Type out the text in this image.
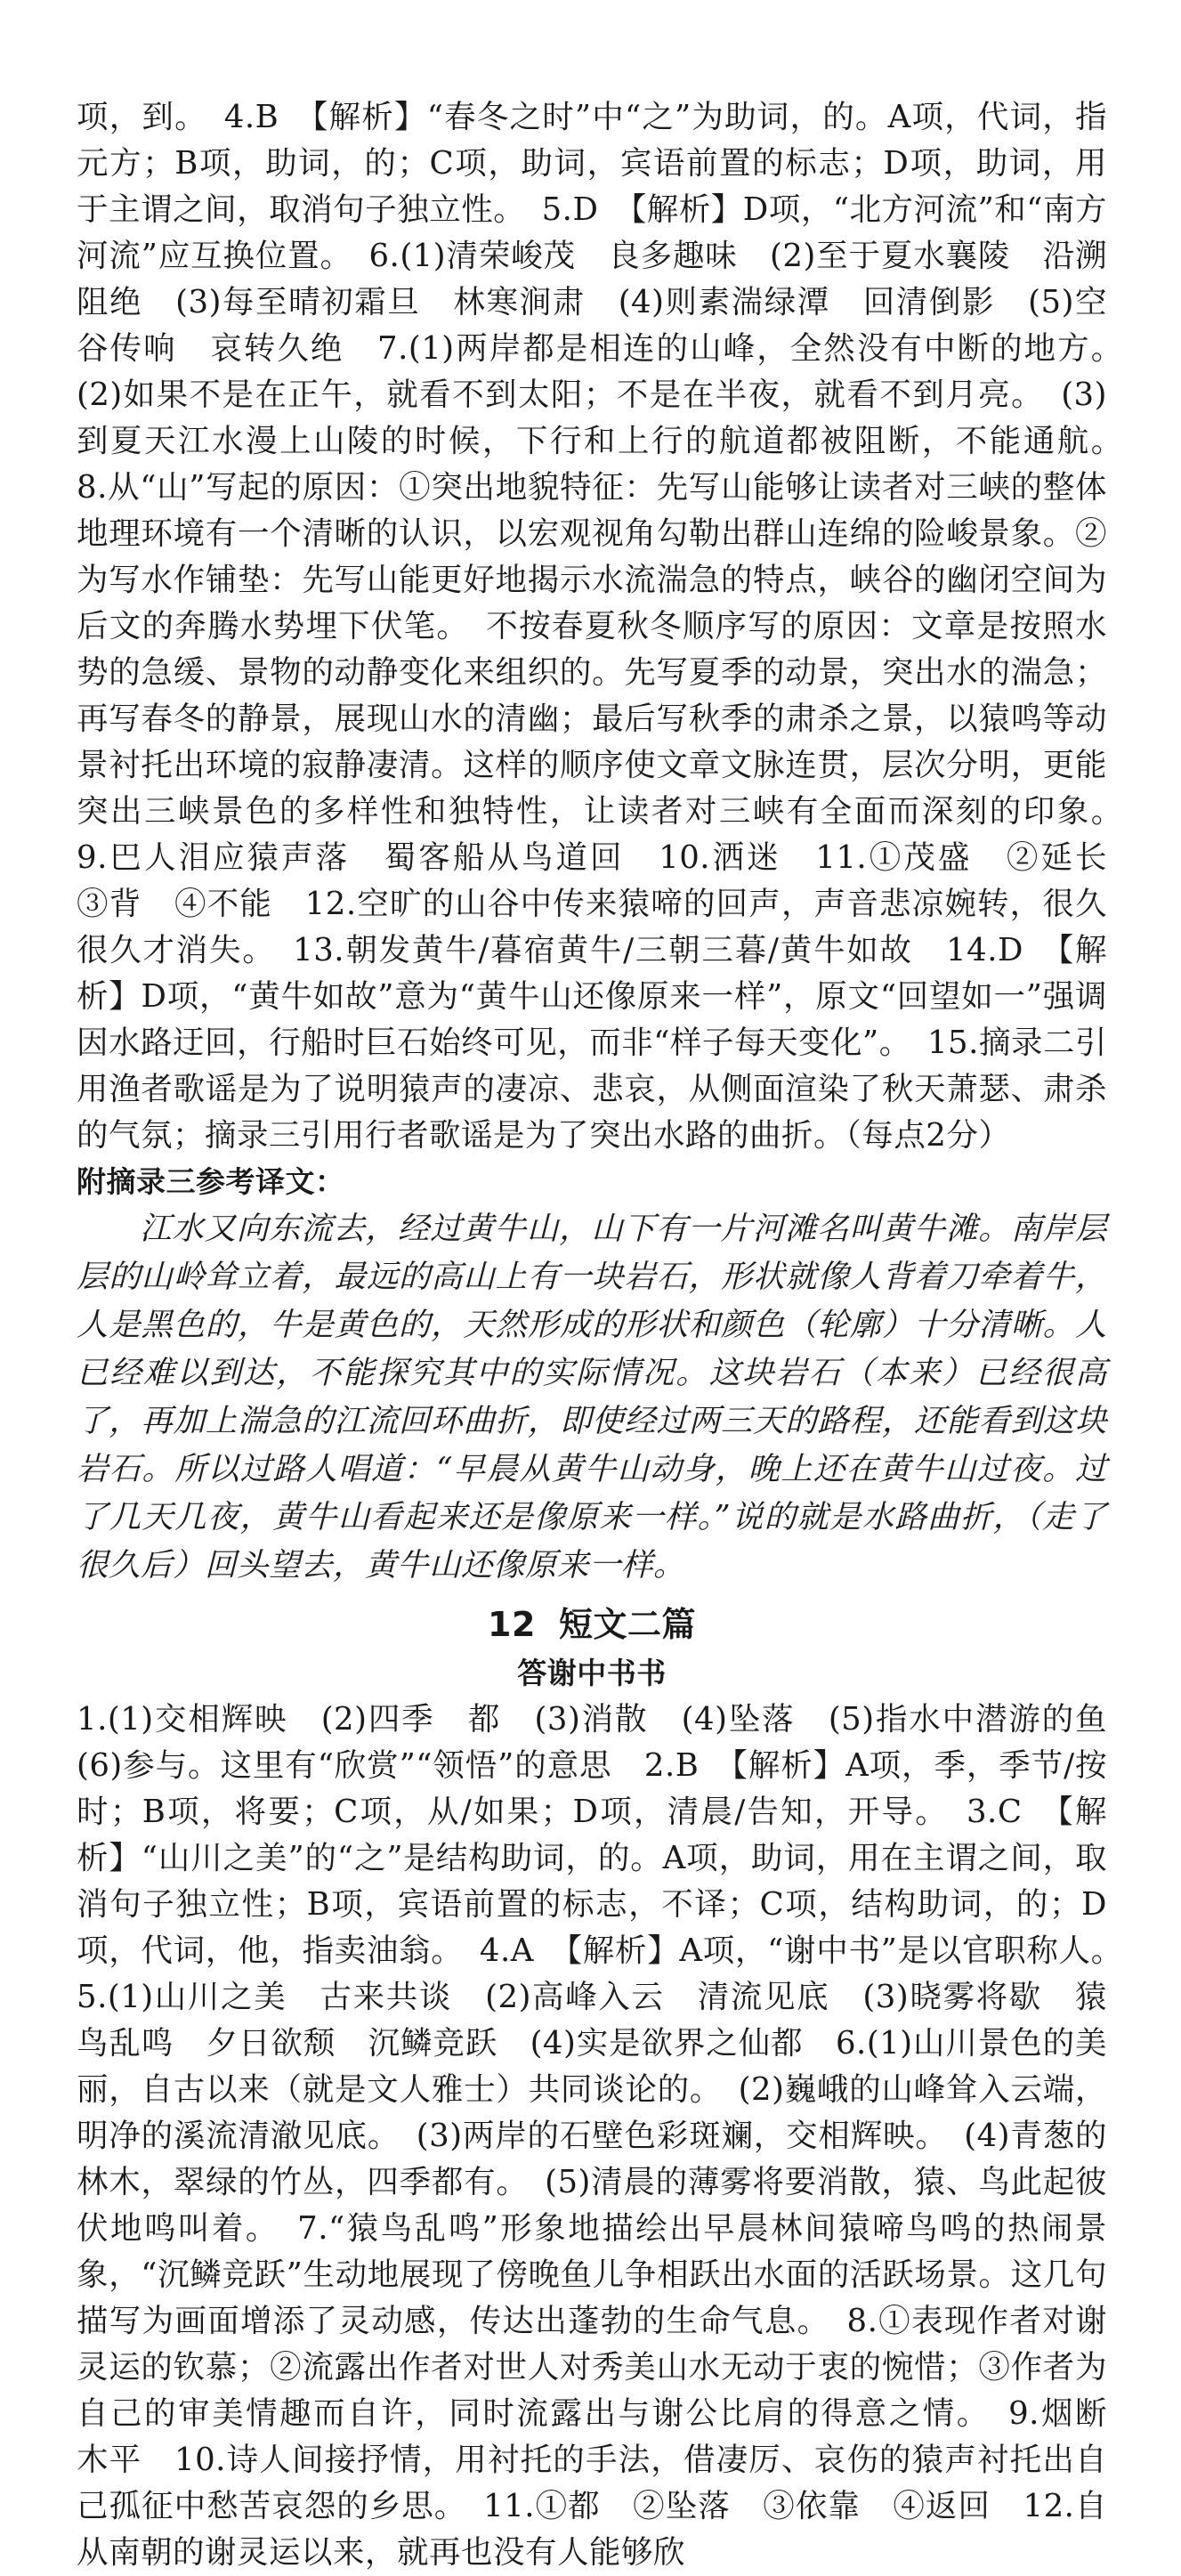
项，到。　4.B　【解析】“春冬之时”中“之”为助词，的。A项，代词，指元方；B项，助词，的；C项，助词，宾语前置的标志；D项，助词，用于主谓之间，取消句子独立性。　5.D　【解析】D项，“北方河流”和“南方河流”应互换位置。　6.(1)清荣峻茂　良多趣味　(2)至于夏水襄陵　沿溯阻绝　(3)每至晴初霜旦　林寒涧肃　(4)则素湍绿潭　回清倒影　(5)空谷传响　哀转久绝　7.(1)两岸都是相连的山峰，全然没有中断的地方。　(2)如果不是在正午，就看不到太阳；不是在半夜，就看不到月亮。　(3)到夏天江水漫上山陵的时候，下行和上行的航道都被阻断，不能通航。　8.从“山”写起的原因：①突出地貌特征：先写山能够让读者对三峡的整体地理环境有一个清晰的认识，以宏观视角勾勒出群山连绵的险峻景象。②为写水作铺垫：先写山能更好地揭示水流湍急的特点，峡谷的幽闭空间为后文的奔腾水势埋下伏笔。　不按春夏秋冬顺序写的原因：文章是按照水势的急缓、景物的动静变化来组织的。先写夏季的动景，突出水的湍急；再写春冬的静景，展现山水的清幽；最后写秋季的肃杀之景，以猿鸣等动景衬托出环境的寂静凄清。这样的顺序使文章文脉连贯，层次分明，更能突出三峡景色的多样性和独特性，让读者对三峡有全面而深刻的印象。　9.巴人泪应猿声落　蜀客船从鸟道回　10.洒迷　11.①茂盛　②延长　③背　④不能　12.空旷的山谷中传来猿啼的回声，声音悲凉婉转，很久很久才消失。　13.朝发黄牛/暮宿黄牛/三朝三暮/黄牛如故　14.D　【解析】D项，“黄牛如故”意为“黄牛山还像原来一样”，原文“回望如一”强调因水路迂回，行船时巨石始终可见，而非“样子每天变化”。　15.摘录二引用渔者歌谣是为了说明猿声的凄凉、悲哀，从侧面渲染了秋天萧瑟、肃杀的气氛；摘录三引用行者歌谣是为了突出水路的曲折。（每点2分）

附摘录三参考译文：

江水又向东流去，经过黄牛山，山下有一片河滩名叫黄牛滩。南岸层层的山岭耸立着，最远的高山上有一块岩石，形状就像人背着刀牵着牛，人是黑色的，牛是黄色的，天然形成的形状和颜色（轮廓）十分清晰。人已经难以到达，不能探究其中的实际情况。这块岩石（本来）已经很高了，再加上湍急的江流回环曲折，即使经过两三天的路程，还能看到这块岩石。所以过路人唱道：“早晨从黄牛山动身，晚上还在黄牛山过夜。过了几天几夜，黄牛山看起来还是像原来一样。”说的就是水路曲折，（走了很久后）回头望去，黄牛山还像原来一样。

12 短文二篇
答谢中书书

1.(1)交相辉映　(2)四季　都　(3)消散　(4)坠落　(5)指水中潜游的鱼　(6)参与。这里有“欣赏”“领悟”的意思　2.B　【解析】A项，季，季节/按时；B项，将要；C项，从/如果；D项，清晨/告知，开导。　3.C　【解析】“山川之美”的“之”是结构助词，的。A项，助词，用在主谓之间，取消句子独立性；B项，宾语前置的标志，不译；C项，结构助词，的；D项，代词，他，指卖油翁。　4.A　【解析】A项，“谢中书”是以官职称人。　5.(1)山川之美　古来共谈　(2)高峰入云　清流见底　(3)晓雾将歇　猿鸟乱鸣　夕日欲颓　沉鳞竞跃　(4)实是欲界之仙都　6.(1)山川景色的美丽，自古以来（就是文人雅士）共同谈论的。　(2)巍峨的山峰耸入云端，明净的溪流清澈见底。　(3)两岸的石壁色彩斑斓，交相辉映。　(4)青葱的林木，翠绿的竹丛，四季都有。　(5)清晨的薄雾将要消散，猿、鸟此起彼伏地鸣叫着。　7.“猿鸟乱鸣”形象地描绘出早晨林间猿啼鸟鸣的热闹景象，“沉鳞竞跃”生动地展现了傍晚鱼儿争相跃出水面的活跃场景。这几句描写为画面增添了灵动感，传达出蓬勃的生命气息。　8.①表现作者对谢灵运的钦慕；②流露出作者对世人对秀美山水无动于衷的惋惜；③作者为自己的审美情趣而自许，同时流露出与谢公比肩的得意之情。　9.烟断　木平　10.诗人间接抒情，用衬托的手法，借凄厉、哀伤的猿声衬托出自己孤征中愁苦哀怨的乡思。　11.①都　②坠落　③依靠　④返回　12.自从南朝的谢灵运以来，就再也没有人能够欣
